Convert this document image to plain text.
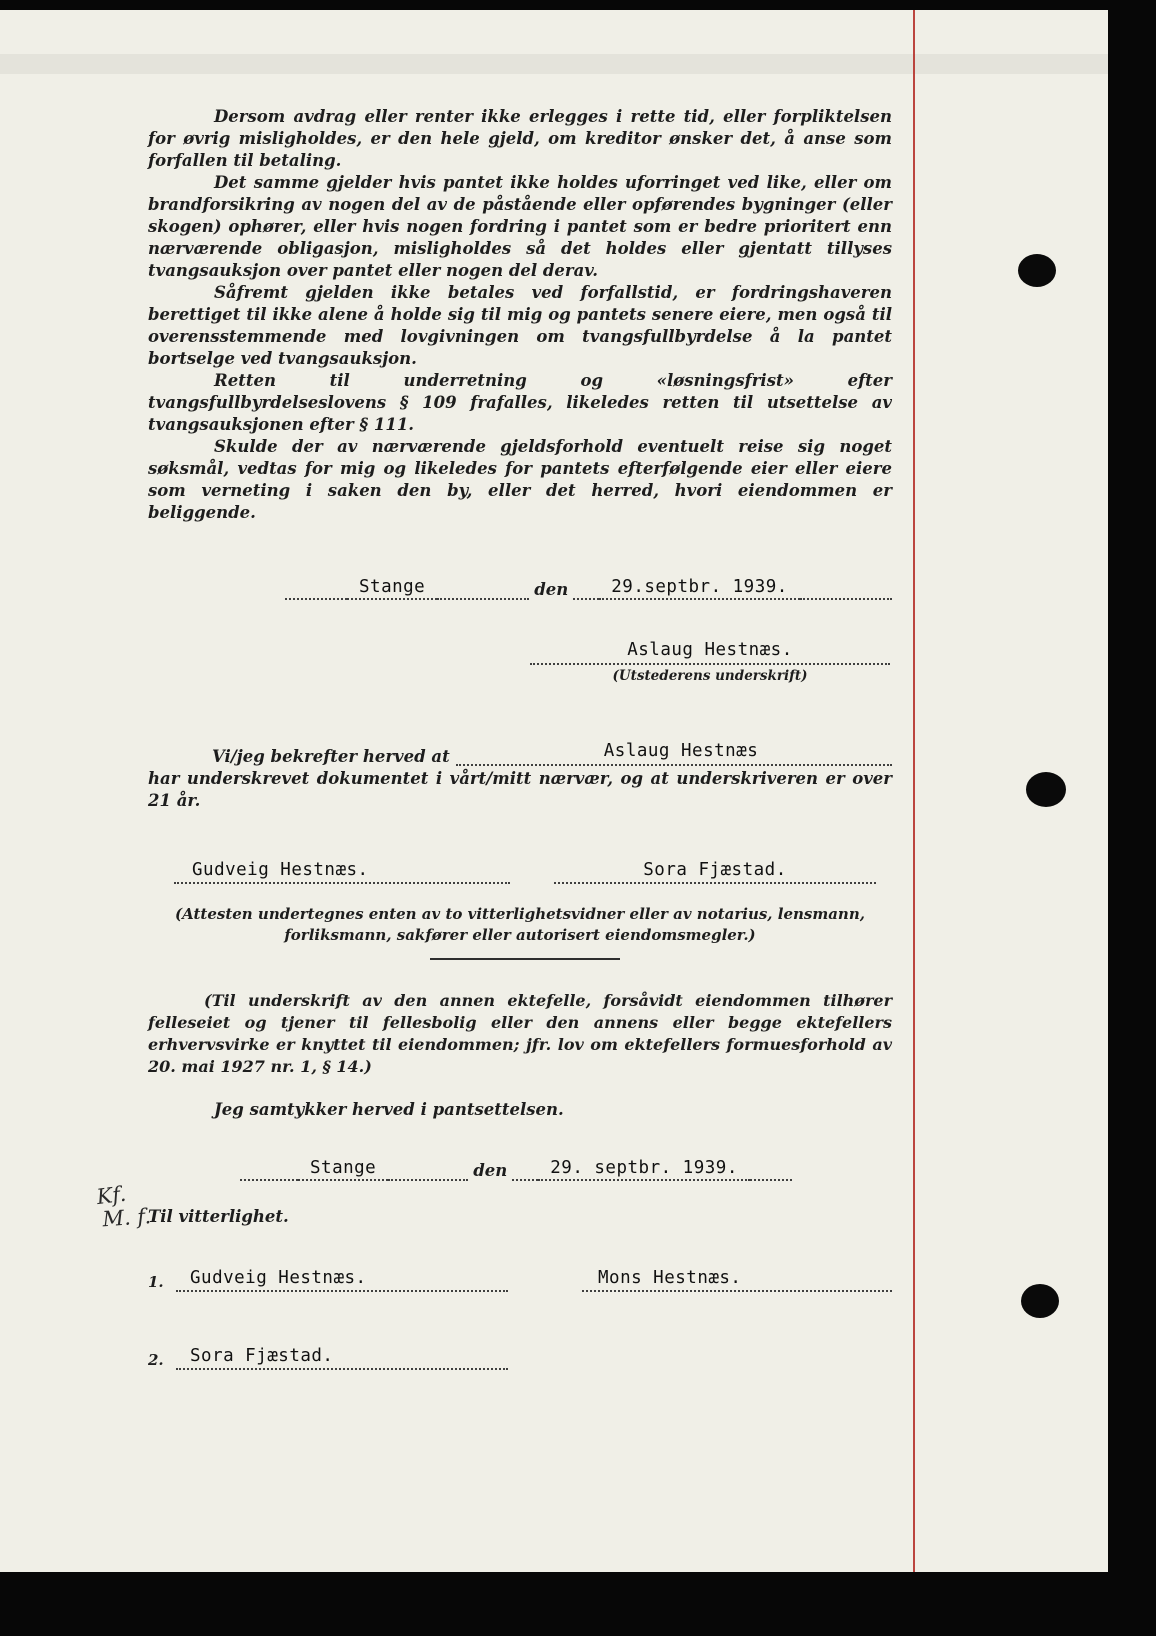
Dersom avdrag eller renter ikke erlegges i rette tid, eller forpliktelsen for øvrig misligholdes, er den hele gjeld, om kreditor ønsker det, å anse som forfallen til betaling.

Det samme gjelder hvis pantet ikke holdes uforringet ved like, eller om brandforsikring av nogen del av de påstående eller opførendes bygninger (eller skogen) ophører, eller hvis nogen fordring i pantet som er bedre prioritert enn nærværende obligasjon, misligholdes så det holdes eller gjentatt tillyses tvangsauksjon over pantet eller nogen del derav.

Såfremt gjelden ikke betales ved forfallstid, er fordringshaveren berettiget til ikke alene å holde sig til mig og pantets senere eiere, men også til overensstemmende med lovgivningen om tvangsfullbyrdelse å la pantet bortselge ved tvangsauksjon.

Retten til underretning og «løsningsfrist» efter tvangsfullbyrdelseslovens § 109 frafalles, likeledes retten til utsettelse av tvangsauksjonen efter § 111.

Skulde der av nærværende gjeldsforhold eventuelt reise sig noget søksmål, vedtas for mig og likeledes for pantets efterfølgende eier eller eiere som verneting i saken den by, eller det herred, hvori eiendommen er beliggende.

Stange	den	29.septbr. 1939.
Aslaug Hestnæs.
(Utstederens underskrift)
Vi/jeg bekrefter herved at	Aslaug Hestnæs
har underskrevet dokumentet i vårt/mitt nærvær, og at underskriveren er over 21 år.
Gudveig Hestnæs.	Sora Fjæstad.
(Attesten undertegnes enten av to vitterlighetsvidner eller av notarius, lensmann, forliksmann, sakfører eller autorisert eiendomsmegler.)
(Til underskrift av den annen ektefelle, forsåvidt eiendommen tilhører felleseiet og tjener til fellesbolig eller den annens eller begge ektefellers erhvervsvirke er knyttet til eiendommen; jfr. lov om ektefellers formuesforhold av 20. mai 1927 nr. 1, § 14.)

Jeg samtykker herved i pantsettelsen.

Stange	den	29. septbr. 1939.
Til vitterlighet.
1.	Gudveig Hestnæs.	Mons Hestnæs.
2.	Sora Fjæstad.
Kf.
M. f.
